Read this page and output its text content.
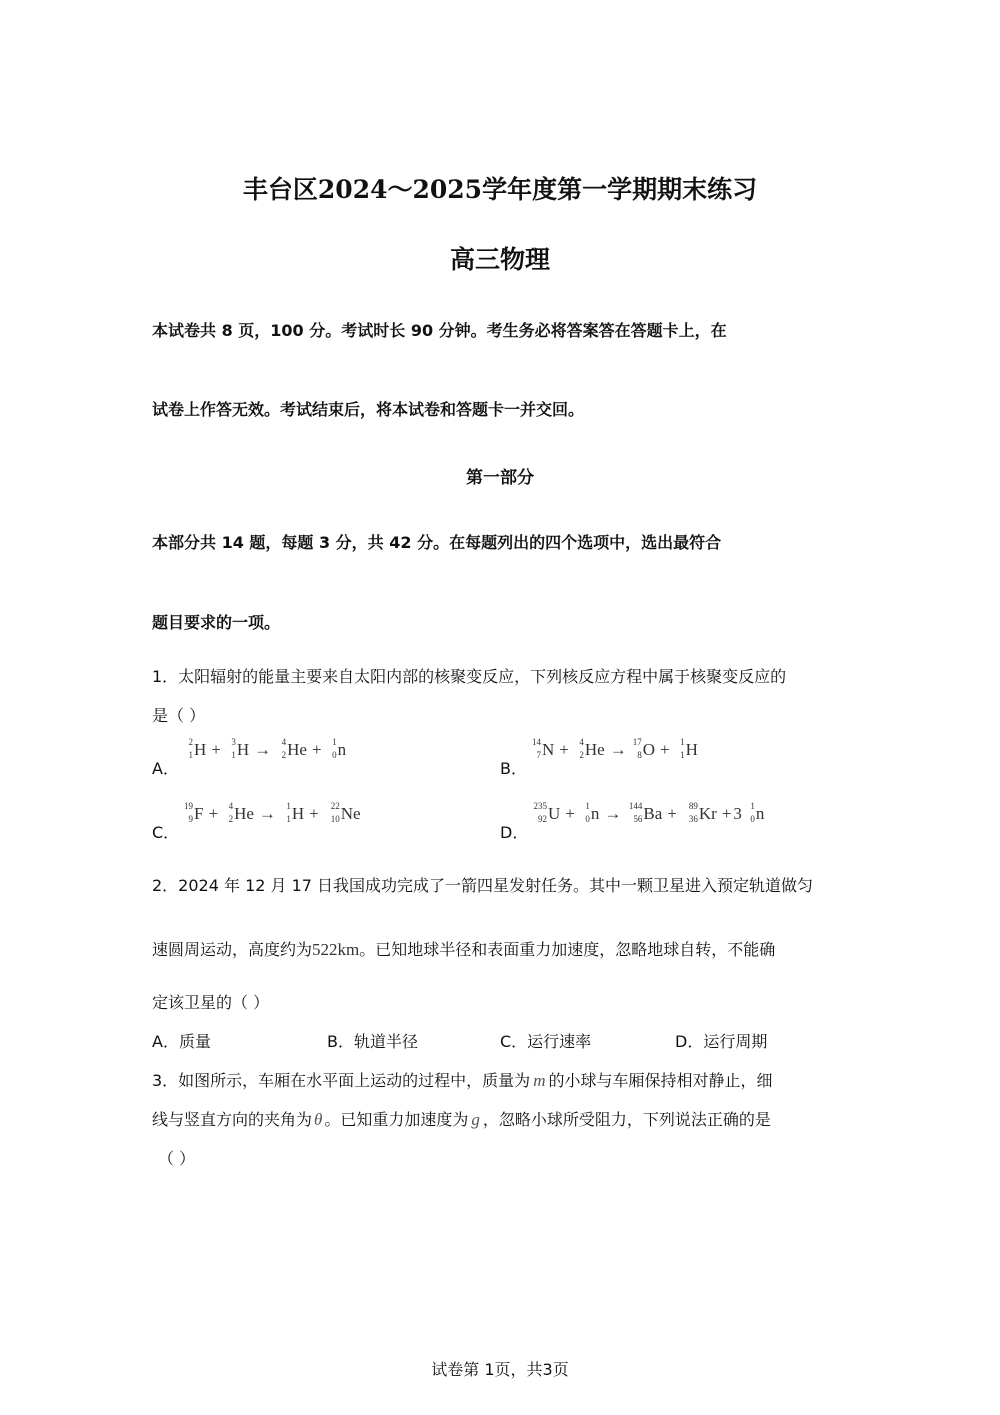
丰台区2024～2025学年度第一学期期末练习
高三物理
本试卷共 8 页，100 分。考试时长 90 分钟。考生务必将答案答在答题卡上，在
试卷上作答无效。考试结束后，将本试卷和答题卡一并交回。
第一部分
本部分共 14 题，每题 3 分，共 42 分。在每题列出的四个选项中，选出最符合
题目要求的一项。
1．太阳辐射的能量主要来自太阳内部的核聚变反应，下列核反应方程中属于核聚变反应的
是（ ）
A．
2
1 H + 3
1 H → 4
2 He + 1
0 n
B．
14
7 N + 4
2 He → 17
8 O + 1
1 H
C．
19
9 F + 4
2 He → 1
1 H + 22
10 Ne
D．
235
92 U + 1
0 n → 144
56 Ba + 89
36 Kr + 3 1
0 n
2．2024 年 12 月 17 日我国成功完成了一箭四星发射任务。其中一颗卫星进入预定轨道做匀
速圆周运动，高度约为522km。已知地球半径和表面重力加速度，忽略地球自转，不能确
定该卫星的（ ）
A．质量	B．轨道半径	C．运行速率	D．运行周期
3．如图所示，车厢在水平面上运动的过程中，质量为 m 的小球与车厢保持相对静止，细
线与竖直方向的夹角为 θ 。已知重力加速度为 g ，忽略小球所受阻力，下列说法正确的是
（ ）
试卷第 1页，共3页
